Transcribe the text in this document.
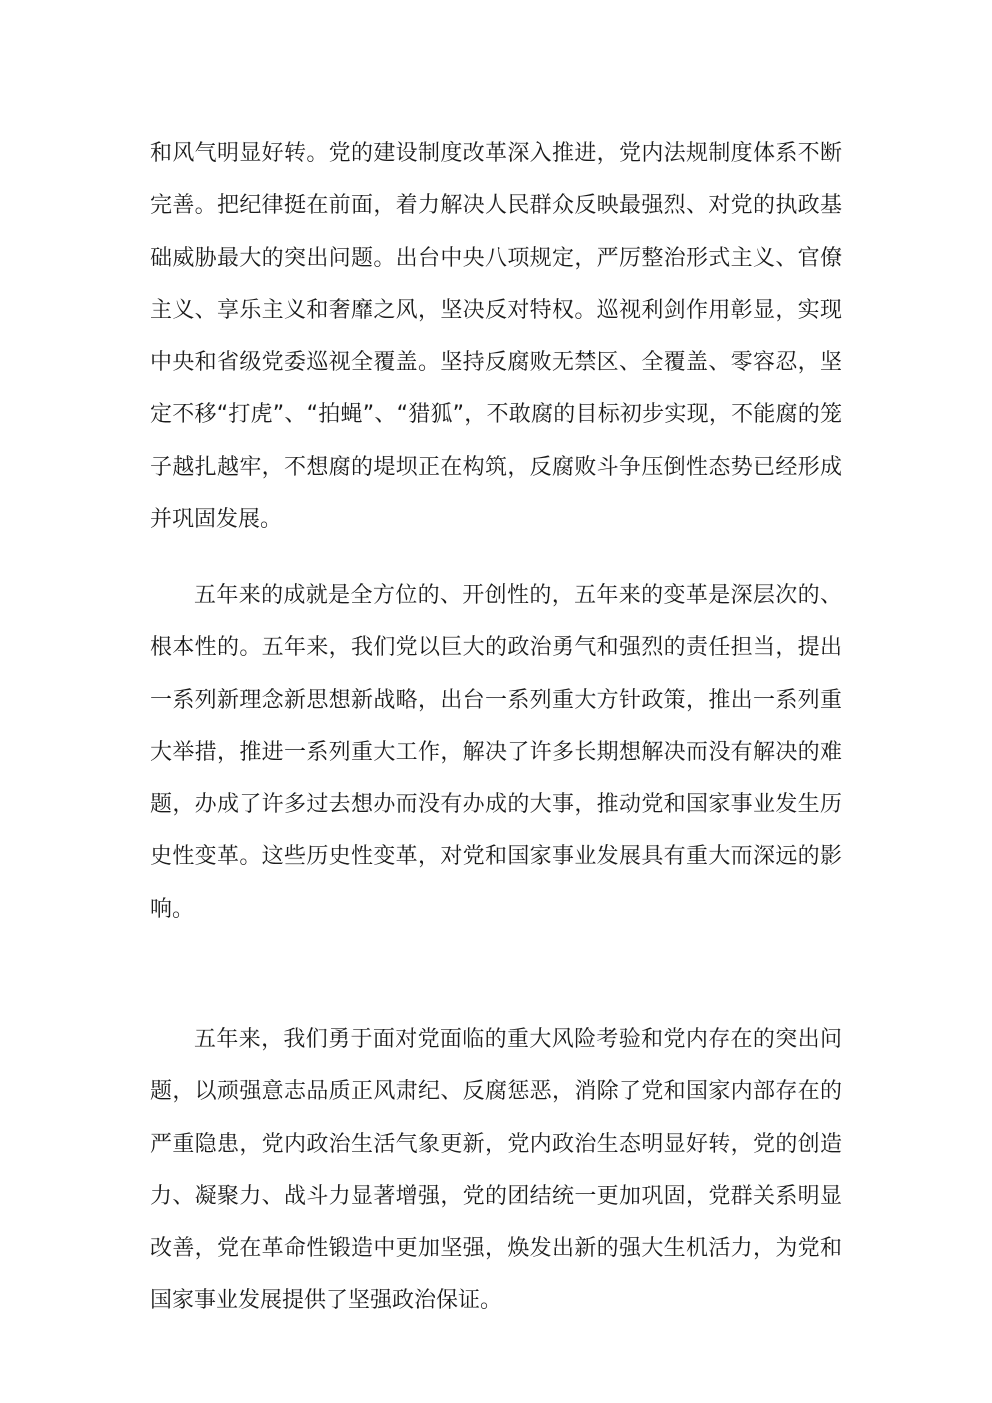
和风气明显好转。党的建设制度改革深入推进，党内法规制度体系不断完善。把纪律挺在前面，着力解决人民群众反映最强烈、对党的执政基础威胁最大的突出问题。出台中央八项规定，严厉整治形式主义、官僚主义、享乐主义和奢靡之风，坚决反对特权。巡视利剑作用彰显，实现中央和省级党委巡视全覆盖。坚持反腐败无禁区、全覆盖、零容忍，坚定不移“打虎”、“拍蝇”、“猎狐”，不敢腐的目标初步实现，不能腐的笼子越扎越牢，不想腐的堤坝正在构筑，反腐败斗争压倒性态势已经形成并巩固发展。

五年来的成就是全方位的、开创性的，五年来的变革是深层次的、根本性的。五年来，我们党以巨大的政治勇气和强烈的责任担当，提出一系列新理念新思想新战略，出台一系列重大方针政策，推出一系列重大举措，推进一系列重大工作，解决了许多长期想解决而没有解决的难题，办成了许多过去想办而没有办成的大事，推动党和国家事业发生历史性变革。这些历史性变革，对党和国家事业发展具有重大而深远的影响。

五年来，我们勇于面对党面临的重大风险考验和党内存在的突出问题，以顽强意志品质正风肃纪、反腐惩恶，消除了党和国家内部存在的严重隐患，党内政治生活气象更新，党内政治生态明显好转，党的创造力、凝聚力、战斗力显著增强，党的团结统一更加巩固，党群关系明显改善，党在革命性锻造中更加坚强，焕发出新的强大生机活力，为党和国家事业发展提供了坚强政治保证。
